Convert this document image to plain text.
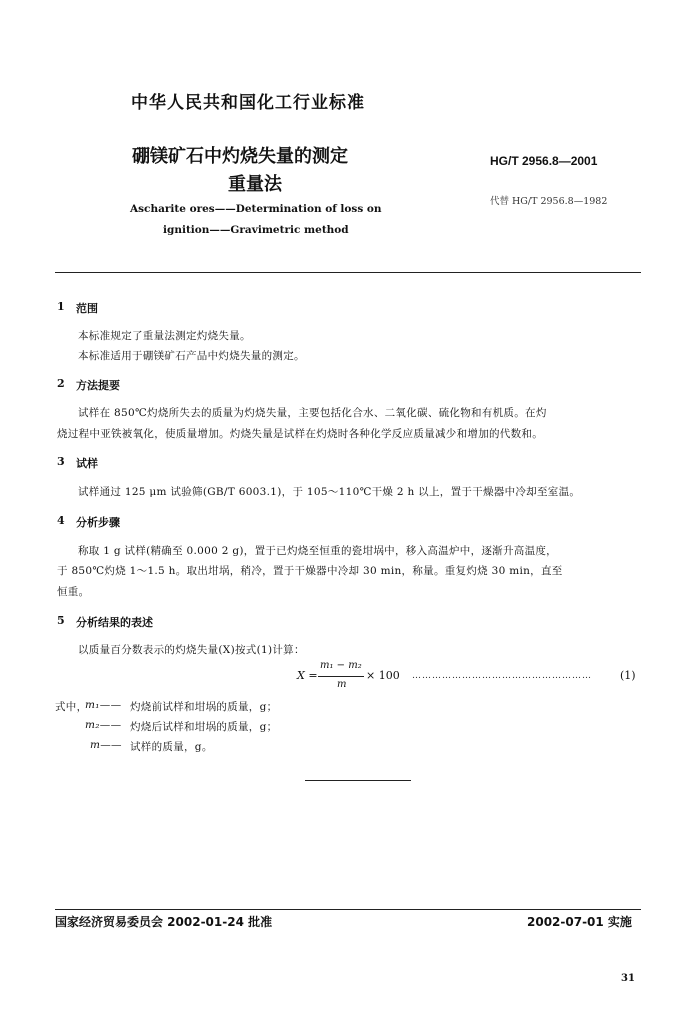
中华人民共和国化工行业标准
硼镁矿石中灼烧失量的测定
重量法
Ascharite ores——Determination of loss on
ignition——Gravimetric method
HG/T 2956.8—2001
代替 HG/T 2956.8—1982
1 范围
本标准规定了重量法测定灼烧失量。
本标准适用于硼镁矿石产品中灼烧失量的测定。
2 方法提要
试样在 850℃灼烧所失去的质量为灼烧失量，主要包括化合水、二氧化碳、硫化物和有机质。在灼
烧过程中亚铁被氧化，使质量增加。灼烧失量是试样在灼烧时各种化学反应质量减少和增加的代数和。
3 试样
试样通过 125 μm 试验筛(GB/T 6003.1)，于 105～110℃干燥 2 h 以上，置于干燥器中冷却至室温。
4 分析步骤
称取 1 g 试样(精确至 0.000 2 g)，置于已灼烧至恒重的瓷坩埚中，移入高温炉中，逐渐升高温度，
于 850℃灼烧 1～1.5 h。取出坩埚，稍冷，置于干燥器中冷却 30 min，称量。重复灼烧 30 min，直至
恒重。
5 分析结果的表述
以质量百分数表示的灼烧失量(X)按式(1)计算：
X =
m₁ − m₂
m
× 100 ………………………………………………	(1)
式中，
m₁—— 灼烧前试样和坩埚的质量，g；
m₂—— 灼烧后试样和坩埚的质量，g；
m—— 试样的质量，g。
国家经济贸易委员会 2002-01-24 批准	2002-07-01 实施
31
